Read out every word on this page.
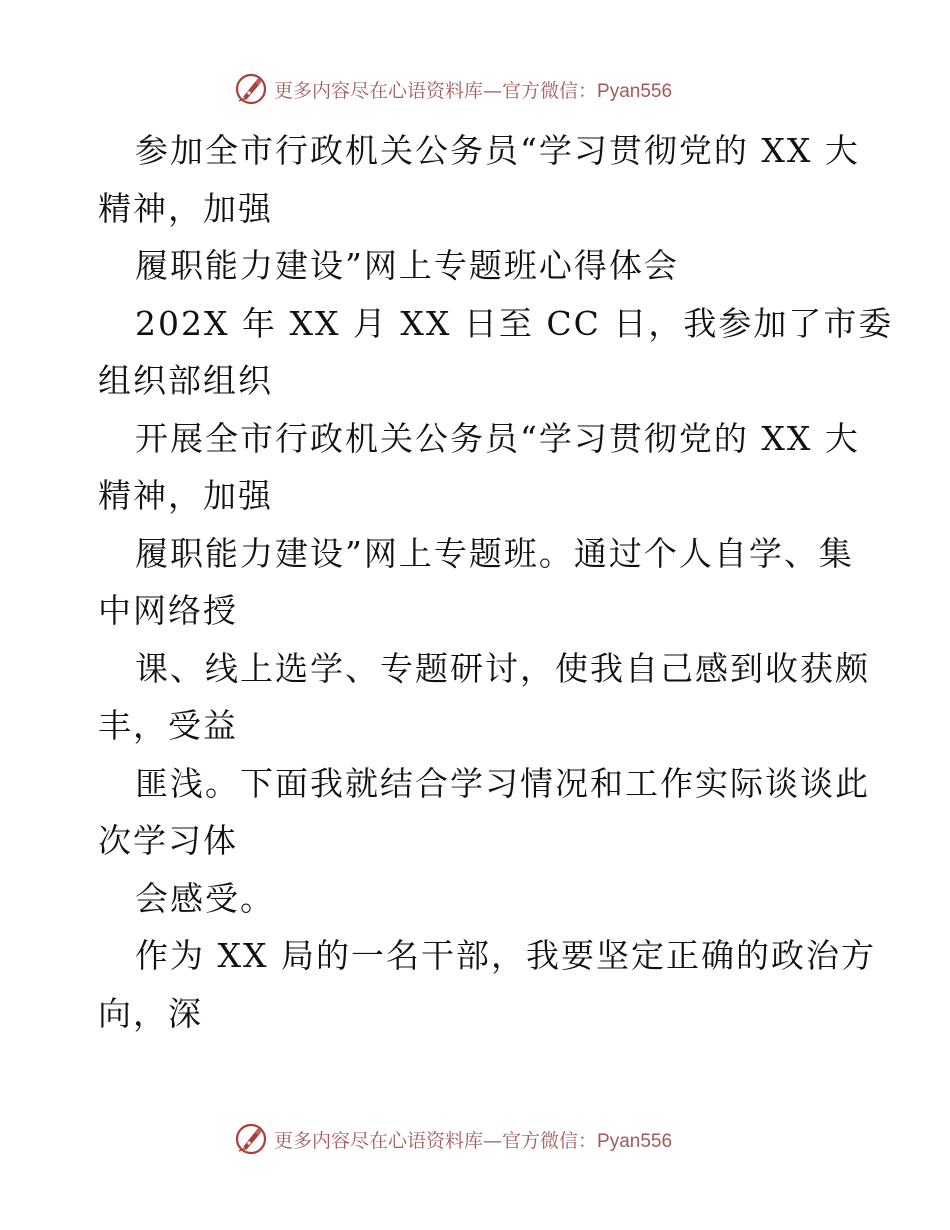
更多内容尽在心语资料库—官方微信：Pyan556
参加全市行政机关公务员“学习贯彻党的 XX 大
精神，加强
履职能力建设”网上专题班心得体会
202X 年 XX 月 XX 日至 CC 日，我参加了市委
组织部组织
开展全市行政机关公务员“学习贯彻党的 XX 大
精神，加强
履职能力建设”网上专题班。通过个人自学、集
中网络授
课、线上选学、专题研讨，使我自己感到收获颇
丰，受益
匪浅。下面我就结合学习情况和工作实际谈谈此
次学习体
会感受。
作为 XX 局的一名干部，我要坚定正确的政治方
向，深
更多内容尽在心语资料库—官方微信：Pyan556
